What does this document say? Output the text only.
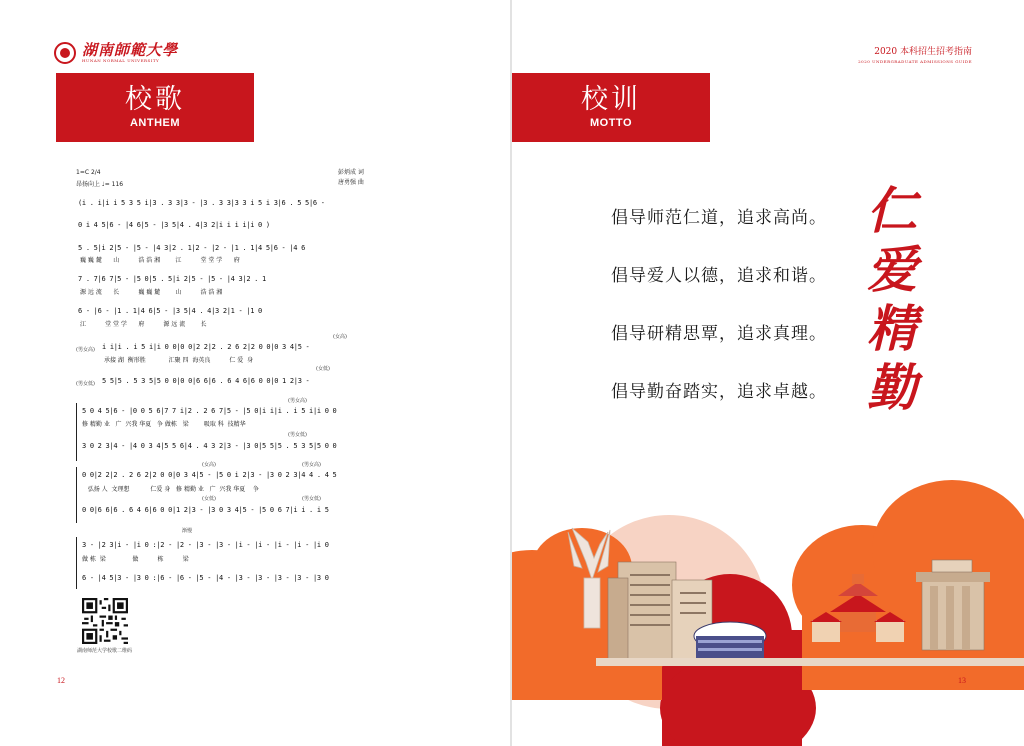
湖南師範大學
HUNAN NORMAL UNIVERSITY
校歌
ANTHEM
1=C 2/4
昂扬向上 ♩= 116
彭炳成 词
唐勇强 曲
(i . i|i i 5 3 5 i|3 . 3 3|3 - |3 . 3 3|3 3 i 5 i 3|6 . 5 5|6 -
0 i 4 5|6 - |4 6|5 - |3 5|4 . 4|3 2|i i i i|i 0 )
5 . 5|i 2|5 - |5 - |4 3|2 . 1|2 - |2 - |1 . 1|4 5|6 - |4 6
巍 巍 麓      山          浩 浩 湘        江          堂 堂 学      府
7 . 7|6 7|5 - |5 0|5 . 5|i 2|5 - |5 - |4 3|2 . 1
源 远 流      长          巍 巍 麓        山          浩 浩 湘
6 - |6 - |1 . 1|4 6|5 - |3 5|4 . 4|3 2|1 - |1 0
江          堂 堂 学      府          源 远 流        长
(女高)
(男女高) i i|i . i 5 i|i 0 0|0 0|2 2|2 . 2 6 2|2 0 0|0 3 4|5 -
承接 湖  衡形胜            汇聚 四  海英良          仁 爱  身
(女低)
(男女低) 5 5|5 . 5 3 5|5 0 0|0 0|6 6|6 . 6 4 6|6 0 0|0 1 2|3 -
(男女高)
5 0 4 5|6 - |0 0 5 6|7 7 i|2 . 2 6 7|5 - |5 0|i i|i . i 5 i|i 0 0
修 精勤 业   广  兴我 华夏   争 做栋   梁        吸取 科  技精华
(男女低)
3 0 2 3|4 - |4 0 3 4|5 5 6|4 . 4 3 2|3 - |3 0|5 5|5 . 5 3 5|5 0 0
(女高)	(男女高)
0 0|2 2|2 . 2 6 2|2 0 0|0 3 4|5 - |5 0 i 2|3 - |3 0 2 3|4 4 . 4 5
弘扬 人  文理想           仁爱 身   修 精勤 业   广  兴我 华夏    争
(女低)	(男女低)
0 0|6 6|6 . 6 4 6|6 0 0|1 2|3 - |3 0 3 4|5 - |5 0 6 7|i i . i 5
渐慢
3 - |2 3|i - |i 0 :|2 - |2 - |3 - |3 - |i - |i - |i - |i - |i 0
做 栋  梁              做          栋          梁
6 - |4 5|3 - |3 0 :|6 - |6 - |5 - |4 - |3 - |3 - |3 - |3 - |3 0
湖南师范大学校歌二维码
12
2020 本科招生招考指南
2020 UNDERGRADUATE ADMISSIONS GUIDE
校训
MOTTO
倡导师范仁道，追求高尚。
倡导爱人以德，追求和谐。
倡导研精思覃，追求真理。
倡导勤奋踏实，追求卓越。
仁
爱
精
勤
13
